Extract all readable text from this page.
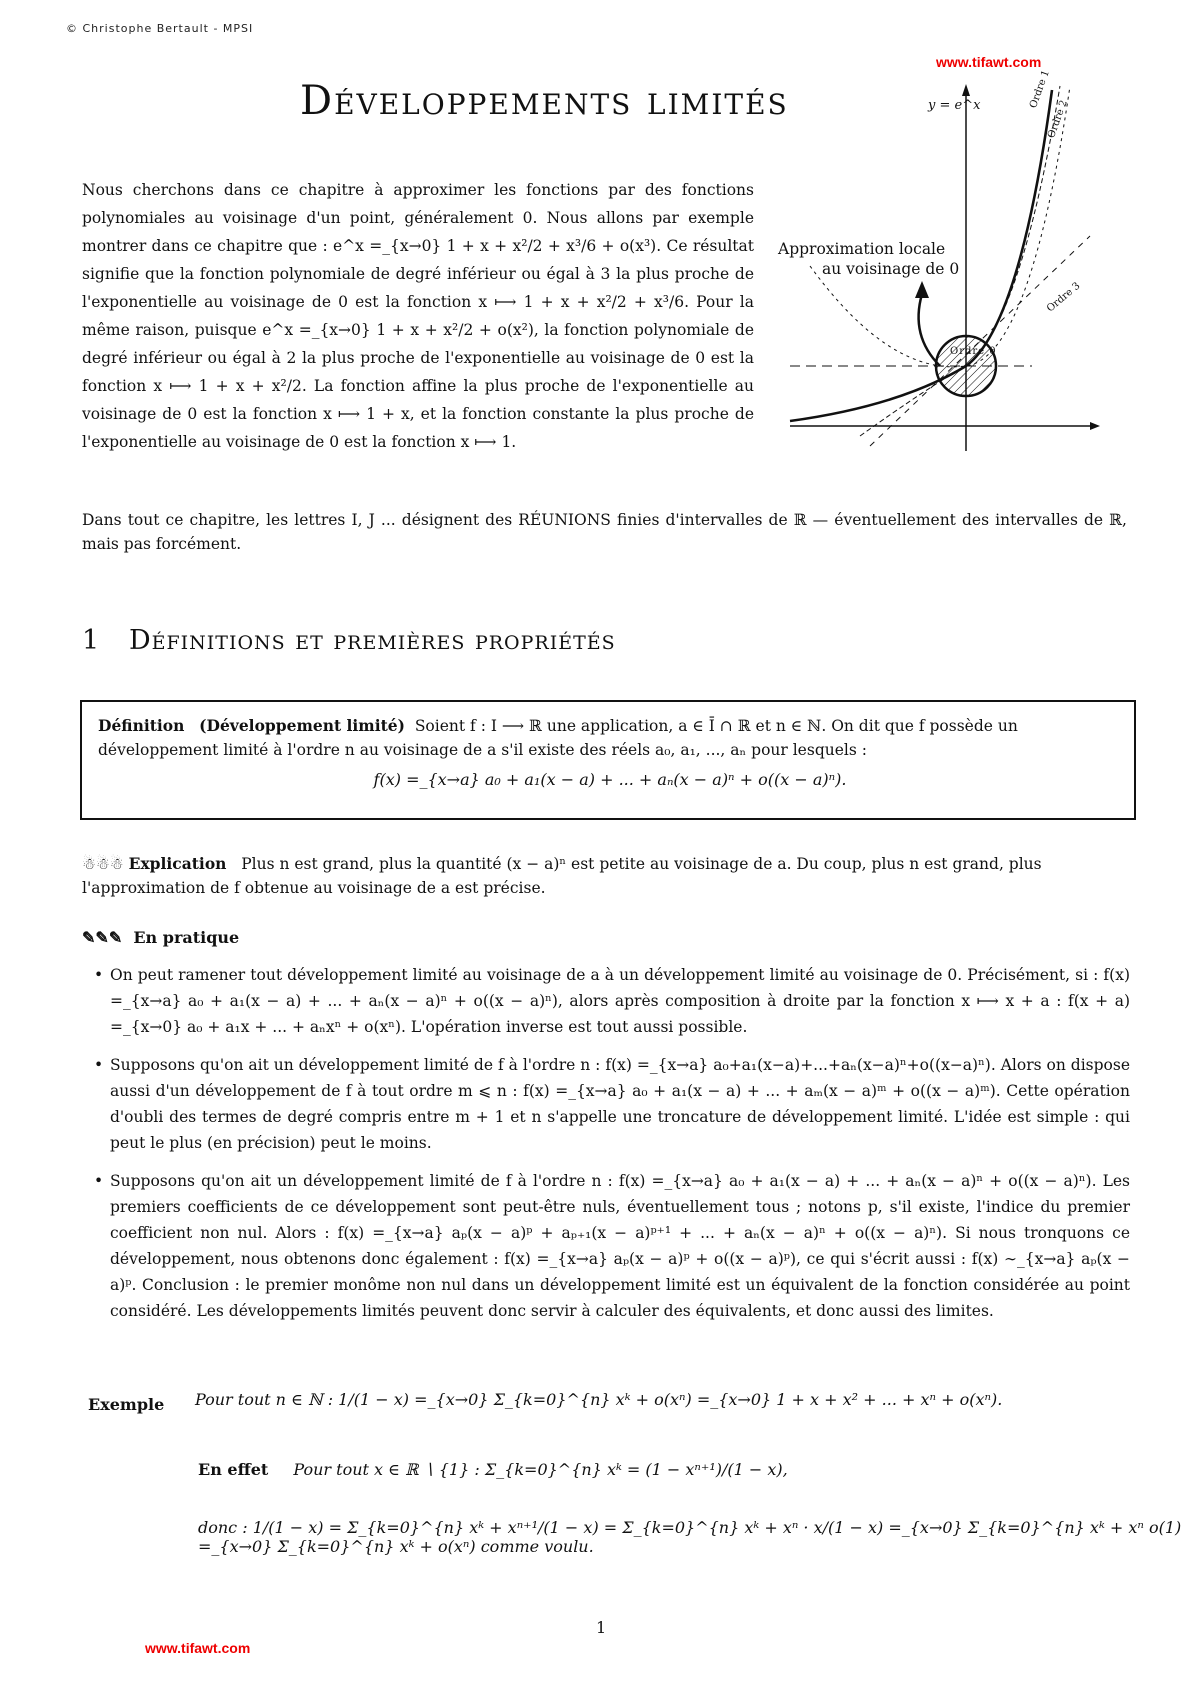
© Christophe Bertault - MPSI
www.tifawt.com
Développements limités
Nous cherchons dans ce chapitre à approximer les fonctions par des fonctions polynomiales au voisinage d'un point, généralement 0. Nous allons par exemple montrer dans ce chapitre que : e^x =_{x→0} 1 + x + x²/2 + x³/6 + o(x³). Ce résultat signifie que la fonction polynomiale de degré inférieur ou égal à 3 la plus proche de l'exponentielle au voisinage de 0 est la fonction x ⟼ 1 + x + x²/2 + x³/6. Pour la même raison, puisque e^x =_{x→0} 1 + x + x²/2 + o(x²), la fonction polynomiale de degré inférieur ou égal à 2 la plus proche de l'exponentielle au voisinage de 0 est la fonction x ⟼ 1 + x + x²/2. La fonction affine la plus proche de l'exponentielle au voisinage de 0 est la fonction x ⟼ 1 + x, et la fonction constante la plus proche de l'exponentielle au voisinage de 0 est la fonction x ⟼ 1.
y = e^x
Ordre 0
Ordre 1
Ordre 2
Ordre 3
Approximation locale
au voisinage de 0
Dans tout ce chapitre, les lettres I, J ... désignent des RÉUNIONS finies d'intervalles de ℝ — éventuellement des intervalles de ℝ, mais pas forcément.
1 Définitions et premières propriétés
Définition (Développement limité) Soient f : I ⟶ ℝ une application, a ∈ Ī ∩ ℝ et n ∈ ℕ. On dit que f possède un développement limité à l'ordre n au voisinage de a s'il existe des réels a₀, a₁, ..., aₙ pour lesquels :
f(x) =_{x→a} a₀ + a₁(x − a) + ... + aₙ(x − a)ⁿ + o((x − a)ⁿ).
☃☃☃ Explication Plus n est grand, plus la quantité (x − a)ⁿ est petite au voisinage de a. Du coup, plus n est grand, plus l'approximation de f obtenue au voisinage de a est précise.
✎✎✎ En pratique
• On peut ramener tout développement limité au voisinage de a à un développement limité au voisinage de 0. Précisément, si : f(x) =_{x→a} a₀ + a₁(x − a) + ... + aₙ(x − a)ⁿ + o((x − a)ⁿ), alors après composition à droite par la fonction x ⟼ x + a : f(x + a) =_{x→0} a₀ + a₁x + ... + aₙxⁿ + o(xⁿ). L'opération inverse est tout aussi possible.
• Supposons qu'on ait un développement limité de f à l'ordre n : f(x) =_{x→a} a₀+a₁(x−a)+...+aₙ(x−a)ⁿ+o((x−a)ⁿ). Alors on dispose aussi d'un développement de f à tout ordre m ⩽ n : f(x) =_{x→a} a₀ + a₁(x − a) + ... + aₘ(x − a)ᵐ + o((x − a)ᵐ). Cette opération d'oubli des termes de degré compris entre m + 1 et n s'appelle une troncature de développement limité. L'idée est simple : qui peut le plus (en précision) peut le moins.
• Supposons qu'on ait un développement limité de f à l'ordre n : f(x) =_{x→a} a₀ + a₁(x − a) + ... + aₙ(x − a)ⁿ + o((x − a)ⁿ). Les premiers coefficients de ce développement sont peut-être nuls, éventuellement tous ; notons p, s'il existe, l'indice du premier coefficient non nul. Alors : f(x) =_{x→a} aₚ(x − a)ᵖ + aₚ₊₁(x − a)ᵖ⁺¹ + ... + aₙ(x − a)ⁿ + o((x − a)ⁿ). Si nous tronquons ce développement, nous obtenons donc également : f(x) =_{x→a} aₚ(x − a)ᵖ + o((x − a)ᵖ), ce qui s'écrit aussi : f(x) ∼_{x→a} aₚ(x − a)ᵖ. Conclusion : le premier monôme non nul dans un développement limité est un équivalent de la fonction considérée au point considéré. Les développements limités peuvent donc servir à calculer des équivalents, et donc aussi des limites.
Exemple Pour tout n ∈ ℕ : 1/(1 − x) =_{x→0} Σ_{k=0}^{n} xᵏ + o(xⁿ) =_{x→0} 1 + x + x² + ... + xⁿ + o(xⁿ).
En effet Pour tout x ∈ ℝ ∖ {1} : Σ_{k=0}^{n} xᵏ = (1 − xⁿ⁺¹)/(1 − x),
donc : 1/(1 − x) = Σ_{k=0}^{n} xᵏ + xⁿ⁺¹/(1 − x) = Σ_{k=0}^{n} xᵏ + xⁿ · x/(1 − x) =_{x→0} Σ_{k=0}^{n} xᵏ + xⁿ o(1) =_{x→0} Σ_{k=0}^{n} xᵏ + o(xⁿ) comme voulu.
1
www.tifawt.com
